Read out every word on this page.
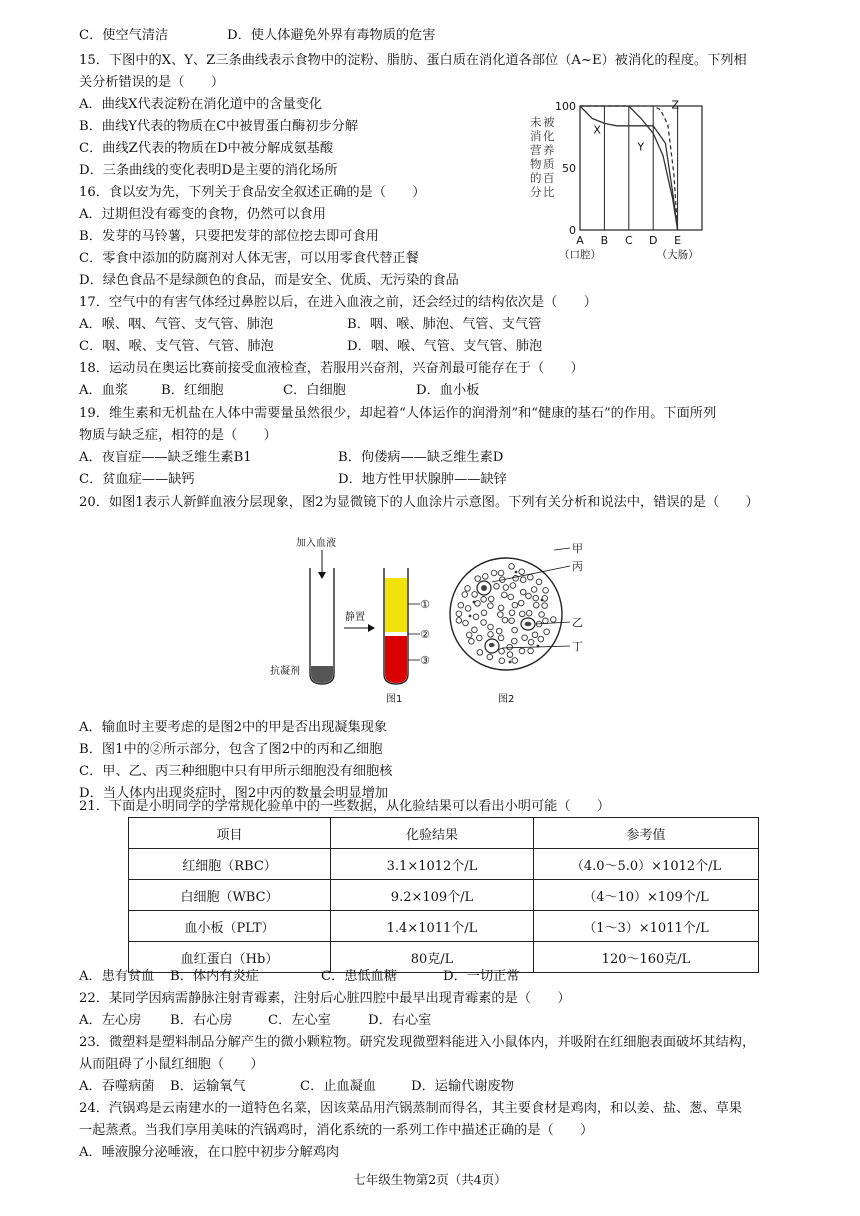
C．使空气清洁	D．使人体避免外界有毒物质的危害
15．下图中的X、Y、Z三条曲线表示食物中的淀粉、脂肪、蛋白质在消化道各部位（A~E）被消化的程度。下列相
关分析错误的是（　　）
A．曲线X代表淀粉在消化道中的含量变化
B．曲线Y代表的物质在C中被胃蛋白酶初步分解
C．曲线Z代表的物质在D中被分解成氨基酸
D．三条曲线的变化表明D是主要的消化场所
16．食以安为先，下列关于食品安全叙述正确的是（　　）
A．过期但没有霉变的食物，仍然可以食用
B．发芽的马铃薯，只要把发芽的部位挖去即可食用
C．零食中添加的防腐剂对人体无害，可以用零食代替正餐
D．绿色食品不是绿颜色的食品，而是安全、优质、无污染的食品
17．空气中的有害气体经过鼻腔以后，在进入血液之前，还会经过的结构依次是（　　）
A．喉、咽、气管、支气管、肺泡	B．咽、喉、肺泡、气管、支气管
C．咽、喉、支气管、气管、肺泡	D．咽、喉、气管、支气管、肺泡
18．运动员在奥运比赛前接受血液检查，若服用兴奋剂，兴奋剂最可能存在于（　　）
A．血浆 B．红细胞	C．白细胞	D．血小板
19．维生素和无机盐在人体中需要量虽然很少，却起着“人体运作的润滑剂”和“健康的基石”的作用。下面所列
物质与缺乏症，相符的是（　　）
A．夜盲症——缺乏维生素B1	B．佝偻病——缺乏维生素D
C．贫血症——缺钙	D．地方性甲状腺肿——缺锌
20．如图1表示人新鲜血液分层现象，图2为显微镜下的人血涂片示意图。下列有关分析和说法中，错误的是（　　）
A．输血时主要考虑的是图2中的甲是否出现凝集现象
B．图1中的②所示部分，包含了图2中的丙和乙细胞
C．甲、乙、丙三种细胞中只有甲所示细胞没有细胞核
D．当人体内出现炎症时，图2中丙的数量会明显增加
21．下面是小明同学的学常规化验单中的一些数据，从化验结果可以看出小明可能（　　）
A．患有贫血 B．体内有炎症	C．患低血糖	D．一切正常
22．某同学因病需静脉注射青霉素，注射后心脏四腔中最早出现青霉素的是（　　）
A．左心房 B．右心房	C．左心室	D．右心室
23．微塑料是塑料制品分解产生的微小颗粒物。研究发现微塑料能进入小鼠体内，并吸附在红细胞表面破坏其结构，
从而阻碍了小鼠红细胞（　　）
A．吞噬病菌 B．运输氧气	C．止血凝血	D．运输代谢废物
24．汽锅鸡是云南建水的一道特色名菜，因该菜品用汽锅蒸制而得名，其主要食材是鸡肉，和以姜、盐、葱、草果
一起蒸煮。当我们享用美味的汽锅鸡时，消化系统的一系列工作中描述正确的是（　　）
A．唾液腺分泌唾液，在口腔中初步分解鸡肉
未 被
消 化
营 养
物 质
的 百
分 比
100
50
0
X
Y
Z
A
（口腔）
B C D E
（大肠）
加入血液
抗凝剂
静置
①
②
③
图1
甲
丙
乙
丁
图2
项目	化验结果	参考值
红细胞（RBC）	3.1×1012个/L	（4.0～5.0）×1012个/L
白细胞（WBC）	9.2×109个/L	（4～10）×109个/L
血小板（PLT）	1.4×1011个/L	（1～3）×1011个/L
血红蛋白（Hb）	80克/L	120～160克/L
七年级生物第2页（共4页）
